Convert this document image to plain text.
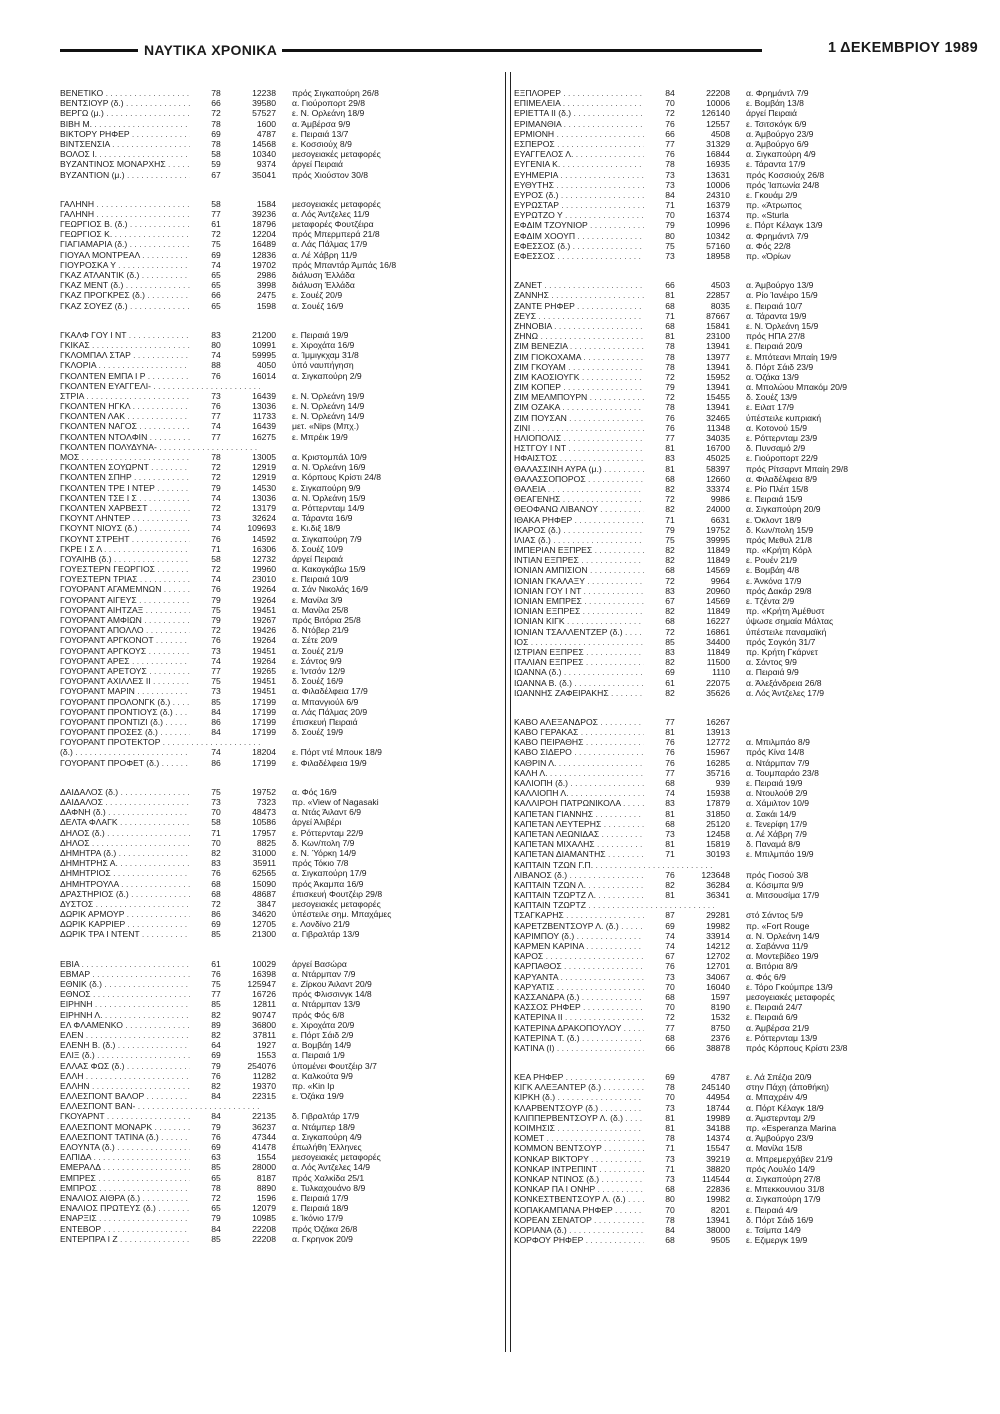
ΝΑΥΤΙΚΑ ΧΡΟΝΙΚΑ	1 ΔΕΚΕΜΒΡΙΟΥ 1989
ΒΕΝΕΤΙΚΟ . . .	78	12238 πρός Σιγκαπούρη 26/8
ΒΕΝΤΣΙΟΥΡ (δ.) . . .	66	39580 α. Γιούρoπορτ 29/8
ΒΕΡΓΩ (μ.) . . .	72	57527 ε. Ν. Ορλεάνη 18/9
ΒΙΒΗ Μ. . . .	78	1600 α. Άμβέρσα 9/9
ΒΙΚΤΟΡΥ ΡΗΦΕΡ . . .	69	4787 ε. Πειραιά 13/7
ΒΙΝΤΣΕΝΣΙΑ . . .	78	14568 ε. Κοσσιούχ 8/9
ΒΟΛΟΣ Ι. . . .	58	10340 μεσογειακές μεταφορές
ΒΥΖΑΝΤΙΝΟΣ ΜΟΝΑΡΧΗΣ . . .	59	9374 άργεί Πειραιά
ΒΥΖΑΝΤΙΟΝ (μ.) . . .	67	35041 πρός Χιούστον 30/8
ΓΑΛΗΝΗ . . .	58	1584 μεσογειακές μεταφορές
ΓΑΛΗΝΗ . . .	77	39236 α. Λός Άντζελες 11/9
ΓΕΩΡΓΙΟΣ Β. (δ.) . . .	61	18796 μεταφορές Φουτζέιρα
ΓΕΩΡΓΙΟΣ Κ. . . .	72	12204 πρός Μπερμπερά 21/8
ΓΙΑΓΙΑΜΑΡΙΑ (δ.) . . .	75	16489 α. Λάς Πάλμας 17/9
ΓΙΟΥΑΛ ΜΟΝΤΡΕΑΛ . . .	69	12836 α. Λέ Χάβρη 11/9
ΓΙΟΥΡΟΣΚΑ Υ . . .	74	19702 πρός Μπαντάρ Άμπάς 16/8
ΓΚΑΖ ΑΤΛΑΝΤΙΚ (δ.) . . .	65	2986 διάλυση Έλλάδα
ΓΚΑΖ ΜΕΝΤ (δ.) . . .	65	3998 διάλυση Έλλάδα
ΓΚΑΖ ΠΡΟΓΚΡΕΣ (δ.) . . .	66	2475 ε. Σουέζ 20/9
ΓΚΑΖ ΣΟΥΕΖ (δ.) . . .	65	1598 α. Σουέζ 16/9
ΓΚΑΛΦ ΓΟΥ Ι ΝΤ . . .	83	21200 ε. Πειραιά 19/9
ΓΚΙΚΑΣ . . .	80	10991 ε. Χιροχάτα 16/9
ΓΚΛΟΜΠΑΛ ΣΤΑΡ . . .	74	59995 α. Ίμμιγκχαμ 31/8
ΓΚΛΟΡΙΑ . . .	88	4050 ύπό ναυπήγηση
ΓΚΟΛΝΤΕΝ ΕΜΠΑ Ι Ρ . . .	76	16014 α. Σιγκαπούρη 2/9
ΓΚΟΛΝΤΕΝ ΕΥΑΓΓΕΛΙ- . . .
ΣΤΡΙΑ . . .	73	16439 ε. Ν. Όρλεάνη 19/9
ΓΚΟΛΝΤΕΝ ΗΓΚΛ . . .	76	13036 ε. Ν. Όρλεάνη 14/9
ΓΚΟΛΝΤΕΝ ΛΑΚ . . .	77	11733 ε. Ν. Όρλεάνη 14/9
ΓΚΟΛΝΤΕΝ ΝΑΓΟΣ . . .	74	16439 μετ. «Nips (Μπχ.)
ΓΚΟΛΝΤΕΝ ΝΤΟΛΦΙΝ . . .	77	16275 ε. Μπρέικ 19/9
ΓΚΟΛΝΤΕΝ ΠΟΛΥΔΥΝΑ- . . .
ΜΟΣ . . .	78	13005 α. Κριστομπάλ 10/9
ΓΚΟΛΝΤΕΝ ΣΟΥΩΡΝΤ . . .	72	12919 α. Ν. Όρλεάνη 16/9
ΓΚΟΛΝΤΕΝ ΣΠΗΡ . . .	72	12919 α. Κόρπους Κρίστι 24/8
ΓΚΟΛΝΤΕΝ ΤΡΕ Ι ΝΤΕΡ . . .	79	14530 ε. Σιγκαπούρη 9/9
ΓΚΟΛΝΤΕΝ ΤΣΕ Ι Σ . . .	74	13036 α. Ν. Όρλεάνη 15/9
ΓΚΟΛΝΤΕΝ ΧΑΡΒΕΣΤ . . .	72	13179 α. Ρόττερνταμ 14/9
ΓΚΟΥΝΤ ΛΗΝΤΕΡ . . .	73	32624 α. Τάραντα 16/9
ΓΚΟΥΝΤ ΝΙΟΥΣ (δ.) . . .	74	109693 ε. Κι.διξ 18/9
ΓΚΟΥΝΤ ΣΤΡΕΗΤ . . .	76	14592 α. Σιγκαπούρη 7/9
ΓΚΡΕ Ι Σ Λ . . .	71	16306 δ. Σουέζ 10/9
ΓΟΥΑΙΗΒ (δ.) . . .	58	12732 άργεί Πειραιά
ΓΟΥΕΣΤΕΡΝ ΓΕΩΡΓΙΟΣ . . .	72	19960 α. Κακογκάβω 15/9
ΓΟΥΕΣΤΕΡΝ ΤΡΙΑΣ . . .	74	23010 ε. Πειραιά 10/9
ΓΟΥΟΡΑΝΤ ΑΓΑΜΕΜΝΩΝ . . .	76	19264 α. Σάν Νικολάς 16/9
ΓΟΥΟΡΑΝΤ ΑΙΓΕΥΣ . . .	79	19264 ε. Μανίλα 3/9
ΓΟΥΟΡΑΝΤ ΑΙΗΤΖΑΞ . . .	75	19451 α. Μανίλα 25/8
ΓΟΥΟΡΑΝΤ ΑΜΦΙΩΝ . . .	79	19267 πρός Βιτόρια 25/8
ΓΟΥΟΡΑΝΤ ΑΠΟΛΛΟ . . .	72	19426 δ. Ντόβερ 21/9
ΓΟΥΟΡΑΝΤ ΑΡΓΚΟΝΟΤ . . .	76	19264 α. Σέτε 20/9
ΓΟΥΟΡΑΝΤ ΑΡΓΚΟΥΣ . . .	73	19451 α. Σουέζ 21/9
ΓΟΥΟΡΑΝΤ ΑΡΕΣ . . .	74	19264 ε. Σάντος 9/9
ΓΟΥΟΡΑΝΤ ΑΡΕΤΟΥΣ . . .	77	19265 ε. Ίντσόν 12/9
ΓΟΥΟΡΑΝΤ ΑΧΙΛΛΕΣ ΙΙ . . .	75	19451 δ. Σουέζ 16/9
ΓΟΥΟΡΑΝΤ ΜΑΡΙΝ . . .	73	19451 α. Φιλαδέλφεια 17/9
ΓΟΥΟΡΑΝΤ ΠΡΟΛΟΝΓΚ (δ.) . . .	85	17199 α. Μπανγιούλ 6/9
ΓΟΥΟΡΑΝΤ ΠΡΟΝΤΙΟΥΣ (δ.) . . .	84	17199 α. Λάς Πάλμας 20/9
ΓΟΥΟΡΑΝΤ ΠΡΟΝΤΙΖΙ (δ.) . . .	86	17199 έπισκευή Πειραιά
ΓΟΥΟΡΑΝΤ ΠΡΟΣΕΣ (δ.) . . .	84	17199 δ. Σουέζ 19/9
ΓΟΥΟΡΑΝΤ ΠΡΟΤΕΚΤΟΡ . . .
(δ.) . . .	74	18204 ε. Πόρτ ντέ Μπουκ 18/9
ΓΟΥΟΡΑΝΤ ΠΡΟΦΕΤ (δ.) . . .	86	17199 ε. Φιλαδέλφεια 19/9
ΔΑΙΔΑΛΟΣ (δ.) . . .	75	19752 α. Φός 16/9
ΔΑΙΔΑΛΟΣ . . .	73	7323 πρ. «View of Nagasaki
ΔΑΦΝΗ (δ.) . . .	70	48473 α. Ντάς Άιλαντ 6/9
ΔΕΛΤΑ ΦΛΑΓΚ . . .	58	10586 άργεί Άλιβέρι
ΔΗΛΟΣ (δ.) . . .	71	17957 ε. Ρόττερνταμ 22/9
ΔΗΛΟΣ . . .	70	8825 δ. Κων/πολη 7/9
ΔΗΜΗΤΡΑ (δ.) . . .	82	31000 ε. Ν. Ύόρκη 14/9
ΔΗΜΗΤΡΗΣ Α. . . .	83	35911 πρός Τόκιο 7/8
ΔΗΜΗΤΡΙΟΣ . . .	76	62565 α. Σιγκαπούρη 17/9
ΔΗΜΗΤΡΟΥΛΑ . . .	68	15090 πρός Άκαμπα 16/9
ΔΡΑΣΤΗΡΙΟΣ (δ.) . . .	68	48687 έπισκευή Φουτζέιρ 29/8
ΔΥΣΤΟΣ . . .	72	3847 μεσογειακές μεταφορές
ΔΩΡΙΚ ΑΡΜΟΥΡ . . .	86	34620 ύπέστειλε σημ. Μπαχάμες
ΔΩΡΙΚ ΚΑΡΡΙΕΡ . . .	69	12705 ε. Λονδίνο 21/9
ΔΩΡΙΚ ΤΡΑ Ι ΝΤΕΝΤ . . .	85	21300 α. Γιβραλτάρ 13/9
ΕΒΙΑ . . .	61	10029 άργεί Βασώρα
ΕΒΜΑΡ . . .	76	16398 α. Ντάρμπαν 7/9
ΕΘΝΙΚ (δ.) . . .	75	125947 ε. Ζίρκου Άιλαντ 20/9
ΕΘΝΟΣ . . .	77	16726 πρός Φλισσινγκ 14/8
ΕΙΡΗΝΗ . . .	85	12811 α. Ντάρμπαν 13/9
ΕΙΡΗΝΗ Λ. . . .	82	90747 πρός Φός 6/8
ΕΛ ΦΛΑΜΕΝΚΟ . . .	89	36800 ε. Χιροχάτα 20/9
ΕΛΕΝ . . .	82	37811 ε. Πόρτ Σάιδ 2/9
ΕΛΕΝΗ Β. (δ.) . . .	64	1927 α. Βομβάη 14/9
ΕΛΙΞ (δ.) . . .	69	1553 α. Πειραιά 1/9
ΕΛΛΑΣ ΦΩΣ (δ.) . . .	79	254076 ύπομένει Φουτζέιρ 3/7
ΕΛΛΗ . . .	76	11282 α. Καλκούτα 9/9
ΕΛΛΗΝ . . .	82	19370 πρ. «Kin Ip
ΕΛΛΕΣΠΟΝΤ ΒΑΛΟΡ . . .	84	22315 ε. Όζάκα 19/9
ΕΛΛΕΣΠΟΝΤ ΒΑΝ- . . .
ΓΚΟΥΑΡΝΤ . . .	84	22135 δ. Γιβραλτάρ 17/9
ΕΛΛΕΣΠΟΝΤ ΜΟΝΑΡΚ . . .	79	36237 α. Ντάμπερ 18/9
ΕΛΛΕΣΠΟΝΤ ΤΑΤΙΝΑ (δ.) . . .	76	47344 α. Σιγκαπούρη 4/9
ΕΛΟΥΝΤΑ (δ.) . . .	69	41478 έπωλήθη Έλληνες
ΕΛΠΙΔΑ . . .	63	1554 μεσογειακές μεταφορές
ΕΜΕΡΑΛΔ . . .	85	28000 α. Λός Άντζελες 14/9
ΕΜΠΡΕΣ . . .	65	8187 πρός Χαλκίδα 25/1
ΕΜΠΡΟΣ . . .	78	8890 ε. Τυλκαχουάνο 8/9
ΕΝΑΛΙΟΣ ΑΙΘΡΑ (δ.) . . .	72	1596 ε. Πειραιά 17/9
ΕΝΑΛΙΟΣ ΠΡΩΤΕΥΣ (δ.) . . .	65	12079 ε. Πειραιά 18/9
ΕΝΑΡΞΙΣ . . .	79	10985 ε. Ίκόνιο 17/9
ΕΝΤΕΒΟΡ . . .	84	22208 πρός Όζάκα 26/8
ΕΝΤΕΡΠΡΑ Ι Ζ . . .	85	22208 α. Γκρηνοκ 20/9
ΕΞΠΛΟΡΕΡ . . .	84	22208 α. Φρημάντλ 7/9
ΕΠΙΜΕΛΕΙΑ . . .	70	10006 ε. Βομβάη 13/8
ΕΡΙΕΤΤΑ ΙΙ (δ.) . . .	72	126140 άργεί Πειραιά
ΕΡΙΜΑΝΘΙΑ . . .	76	12557 ε. Τσιτσκόγκ 6/9
ΕΡΜΙΟΝΗ . . .	66	4508 α. Άμβούργο 23/9
ΕΣΠΕΡΟΣ . . .	77	31329 α. Άμβούργο 6/9
ΕΥΑΓΓΕΛΟΣ Λ. . . .	76	16844 α. Σιγκαπούρη 4/9
ΕΥΓΕΝΙΑ Κ. . . .	78	16935 ε. Τάραντα 17/9
ΕΥΗΜΕΡΙΑ . . .	73	13631 πρός Κοσσιούχ 26/8
ΕΥΘΥΤΗΣ . . .	73	10006 πρός Ίαπωνία 24/8
ΕΥΡΟΣ (δ.) . . .	84	24310 ε. Γκουάμ 2/9
ΕΥΡΩΣΤΑΡ . . .	71	16379 πρ. «Άτρωπος
ΕΥΡΩΤΖΟ Υ . . .	70	16374 πρ. «Sturla
ΕΦΔΙΜ ΤΖΟΥΝΙΟΡ . . .	79	10996 ε. Πόρτ Κέλαγκ 13/9
ΕΦΔΙΜ ΧΟΟΥΠ . . .	80	10342 α. Φρημάντλ 7/9
ΕΦΕΣΣΟΣ (δ.) . . .	75	57160 α. Φός 22/8
ΕΦΕΣΣΟΣ . . .	73	18958 πρ. «Όρίων
ΖΑΝΕΤ . . .	66	4503 α. Άμβούργο 13/9
ΖΑΝΝΗΣ . . .	81	22857 α. Ρίο Ίανέιρο 15/9
ΖΑΝΤΕ ΡΗΦΕΡ . . .	68	8035 ε. Πειραιά 10/7
ΖΕΥΣ . . .	71	87667 α. Τάραντα 19/9
ΖΗΝΟΒΙΑ . . .	68	15841 ε. Ν. Όρλεάνη 15/9
ΖΗΝΩ . . .	81	23100 πρός ΗΠΑ 27/8
ΖΙΜ ΒΕΝΕΖΙΑ . . .	78	13941 ε. Πειραιά 20/9
ΖΙΜ ΓΙΟΚΟΧΑΜΑ . . .	78	13977 ε. Μπότεανι Μπαίη 19/9
ΖΙΜ ΓΚΟΥΑΜ . . .	78	13941 δ. Πόρτ Σάιδ 23/9
ΖΙΜ ΚΑΟΣΙΟΥΓΚ . . .	72	15952 α. Όζάκα 13/9
ΖΙΜ ΚΟΠΕΡ . . .	79	13941 α. Μπολώου Μπακόμ 20/9
ΖΙΜ ΜΕΛΜΠΟΥΡΝ . . .	72	15455 δ. Σουέζ 13/9
ΖΙΜ ΟΖΑΚΑ . . .	78	13941 ε. Ειλατ 17/9
ΖΙΜ ΠΟΥΣΑΝ . . .	76	32465 ύπέστειλε κυπριακή
ΖΙΝΙ . . .	76	11348 α. Κοτονού 15/9
ΗΛΙΟΠΟΛΙΣ . . .	77	34035 ε. Ρόττερνταμ 23/9
ΗΣΤΓΟΥ Ι ΝΤ . . .	81	16700 δ. Πυνσαμό 2/9
ΗΦΑΙΣΤΟΣ . . .	83	45025 ε. Γιούροπορτ 22/9
ΘΑΛΑΣΣΙΝΗ ΑΥΡΑ (μ.) . . .	81	58397 πρός Ρίτσαρντ Μπαίη 29/8
ΘΑΛΑΣΣΟΠΟΡΟΣ . . .	68	12660 α. Φιλαδέλφεια 8/9
ΘΑΛΕΙΑ . . .	82	33374 ε. Ρίο Πλέιτ 15/8
ΘΕΑΓΕΝΗΣ . . .	72	9986 ε. Πειραιά 15/9
ΘΕΟΦΑΝΩ ΛΙΒΑΝΟΥ . . .	82	24000 α. Σιγκαπούρη 20/9
ΙΘΑΚΑ ΡΗΦΕΡ . . .	71	6631 ε. Όκλοντ 18/9
ΙΚΑΡΟΣ (δ.) . . .	79	19752 δ. Κων/πολη 15/9
ΙΛΙΑΣ (δ.) . . .	75	39995 πρός Μεθυλ 21/8
ΙΜΠΕΡΙΑΝ ΕΞΠΡΕΣ . . .	82	11849 πρ. «Κρήτη Κόρλ
ΙΝΤΙΑΝ ΕΞΠΡΕΣ . . .	82	11849 ε. Ρουέν 21/9
ΙΟΝΙΑΝ ΑΜΠΙΣΙΟΝ . . .	68	14569 ε. Βομβάη 4/8
ΙΟΝΙΑΝ ΓΚΑΛΑΞΥ . . .	72	9964 ε. Άνκόνα 17/9
ΙΟΝΙΑΝ ΓΟΥ Ι ΝΤ . . .	83	20960 πρός Δακάρ 29/8
ΙΟΝΙΑΝ ΕΜΠΡΕΣ . . .	67	14569 ε. Τζέντα 2/9
ΙΟΝΙΑΝ ΕΞΠΡΕΣ . . .	82	11849 πρ. «Κρήτη Άμέθυστ
ΙΟΝΙΑΝ ΚΙΓΚ . . .	68	16227 ύψωσε σημαία Μάλτας
ΙΟΝΙΑΝ ΤΣΑΛΛΕΝΤΖΕΡ (δ.) . . .	72	16861 ύπέστειλε παναμαϊκή
ΙΟΣ . . .	85	34400 πρός Σογκόη 31/7
ΙΣΤΡΙΑΝ ΕΞΠΡΕΣ . . .	83	11849 πρ. Κρήτη Γκάρνετ
ΙΤΑΛΙΑΝ ΕΞΠΡΕΣ . . .	82	11500 α. Σάντος 9/9
ΙΩΑΝΝΑ (δ.) . . .	69	1110 α. Πειραιά 9/9
ΙΩΑΝΝΑ Β. (δ.) . . .	61	22075 α. Άλεξάνδρεια 26/8
ΙΩΑΝΝΗΣ ΖΑΦΕΙΡΑΚΗΣ . . .	82	35626 α. Λός Άντζελες 17/9
ΚΑΒΟ ΑΛΕΞΑΝΔΡΟΣ . . .	77	16267
ΚΑΒΟ ΓΕΡΑΚΑΣ . . .	81	13913
ΚΑΒΟ ΠΕΙΡΑΘΗΣ . . .	76	12772 α. Μπιλμπάο 8/9
ΚΑΒΟ ΣΙΔΕΡΟ . . .	76	15967 πρός Κίνα 14/8
ΚΑΘΡΙΝ Λ. . . .	76	16285 α. Ντάρμπαν 7/9
ΚΑΛΗ Λ. . . .	77	35716 α. Τουμπαράο 23/8
ΚΑΛΙΟΠΗ (δ.) . . .	68	939 ε. Πειραιά 19/9
ΚΑΛΛΙΟΠΗ Λ. . . .	74	15938 α. Ντουλούθ 2/9
ΚΑΛΛΙΡΟΗ ΠΑΤΡΩΝΙΚΟΛΑ . . .	83	17879 α. Χάμιλτον 10/9
ΚΑΠΕΤΑΝ ΓΙΑΝΝΗΣ . . .	81	31850 α. Σακάι 14/9
ΚΑΠΕΤΑΝ ΛΕΥΤΕΡΗΣ . . .	68	25120 ε. Τενερίφη 17/9
ΚΑΠΕΤΑΝ ΛΕΩΝΙΔΑΣ . . .	73	12458 α. Λέ Χάβρη 7/9
ΚΑΠΕΤΑΝ ΜΙΧΑΛΗΣ . . .	81	15819 δ. Παναμά 8/9
ΚΑΠΕΤΑΝ ΔΙΑΜΑΝΤΗΣ . . .	71	30193 ε. Μπιλμπάο 19/9
ΚΑΠΤΑΙΝ ΤΖΩΝ Γ.Π. . . .
ΛΙΒΑΝΟΣ (δ.) . . .	76	123648 πρός Γιοσού 3/8
ΚΑΠΤΑΙΝ ΤΖΩΝ Λ. . . .	82	36284 α. Κόσιμπα 9/9
ΚΑΠΤΑΙΝ ΤΖΩΡΤΖ Λ. . . .	81	36341 α. Μιτσουσίμα 17/9
ΚΑΠΤΑΙΝ ΤΖΩΡΤΖ . . .
ΤΣΑΓΚΑΡΗΣ . . .	87	29281 στό Σάντος 5/9
ΚΑΡΕΤΖΒΕΝΤΣΟΥΡ Λ. (δ.) . . .	69	19982 πρ. «Fort Rouge
ΚΑΡΙΜΠΟΥ (δ.) . . .	74	33914 α. Ν. Όρλεάνη 14/9
ΚΑΡΜΕΝ ΚΑΡΙΝΑ . . .	74	14212 α. Σαβάννα 11/9
ΚΑΡΟΣ . . .	67	12702 α. Μοντεβίδεο 19/9
ΚΑΡΠΑΘΟΣ . . .	76	12701 α. Βιτόρια 8/9
ΚΑΡΥΑΝΤΑ . . .	73	34067 α. Φός 6/9
ΚΑΡΥΑΤΙΣ . . .	70	16040 ε. Τόρο Γκούμπρε 13/9
ΚΑΣΣΑΝΔΡΑ (δ.) . . .	68	1597 μεσογειακές μεταφορές
ΚΑΣΣΟΣ ΡΗΦΕΡ . . .	70	8190 ε. Πειραιά 24/7
ΚΑΤΕΡΙΝΑ ΙΙ . . .	72	1532 ε. Πειραιά 6/9
ΚΑΤΕΡΙΝΑ ΔΡΑΚΟΠΟΥΛΟΥ . . .	77	8750 α. Άμβέρσα 21/9
ΚΑΤΕΡΙΝΑ Τ. (δ.) . . .	68	2376 ε. Ρόττερνταμ 13/9
ΚΑΤΙΝΑ (Ι) . . .	66	38878 πρός Κόρπους Κρίστι 23/8
ΚΕΑ ΡΗΦΕΡ . . .	69	4787 ε. Λά Σπέζια 20/9
ΚΙΓΚ ΑΛΕΞΑΝΤΕΡ (δ.) . . .	78	245140 στην Πάχη (άποθήκη)
ΚΙΡΚΗ (δ.) . . .	70	44954 α. Μπαχρέιν 4/9
ΚΛΑΡΒΕΝΤΣΟΥΡ (δ.) . . .	73	18744 α. Πόρτ Κέλαγκ 18/9
ΚΛΙΠΠΕΡΒΕΝΤΣΟΥΡ Λ. (δ.) . . .	81	19989 α. Άμστερνταμ 2/9
ΚΟΙΜΗΣΙΣ . . .	81	34188 πρ. «Esperanza Marina
ΚΟΜΕΤ . . .	78	14374 α. Άμβούργο 23/9
ΚΟΜΜΟΝ ΒΕΝΤΣΟΥΡ . . .	71	15547 α. Μανίλα 15/8
ΚΟΝΚΑΡ ΒΙΚΤΟΡΥ . . .	73	39219 α. Μπρεμερχάβεν 21/9
ΚΟΝΚΑΡ ΙΝΤΡΕΠΙΝΤ . . .	71	38820 πρός Λουλέο 14/9
ΚΟΝΚΑΡ ΝΤΙΝΟΣ (δ.) . . .	73	114544 α. Σιγκαπούρη 27/8
ΚΟΝΚΑΡ ΠΑ Ι ΟΝΗΡ . . .	68	22836 ε. Μπεκκουνιου 31/8
ΚΟΝΚΕΣΤΒΕΝΤΣΟΥΡ Λ. (δ.) . . .	80	19982 α. Σιγκαπούρη 17/9
ΚΟΠΑΚΑΜΠΑΝΑ ΡΗΦΕΡ . . .	70	8201 ε. Πειραιά 4/9
ΚΟΡΕΑΝ ΣΕΝΑΤΟΡ . . .	78	13941 δ. Πόρτ Σάιδ 16/9
ΚΟΡΙΑΝΑ (δ.) . . .	84	38000 ε. Τσίμπα 14/9
ΚΟΡΦΟΥ ΡΗΦΕΡ . . .	68	9505 ε. Εζιμεργκ 19/9
